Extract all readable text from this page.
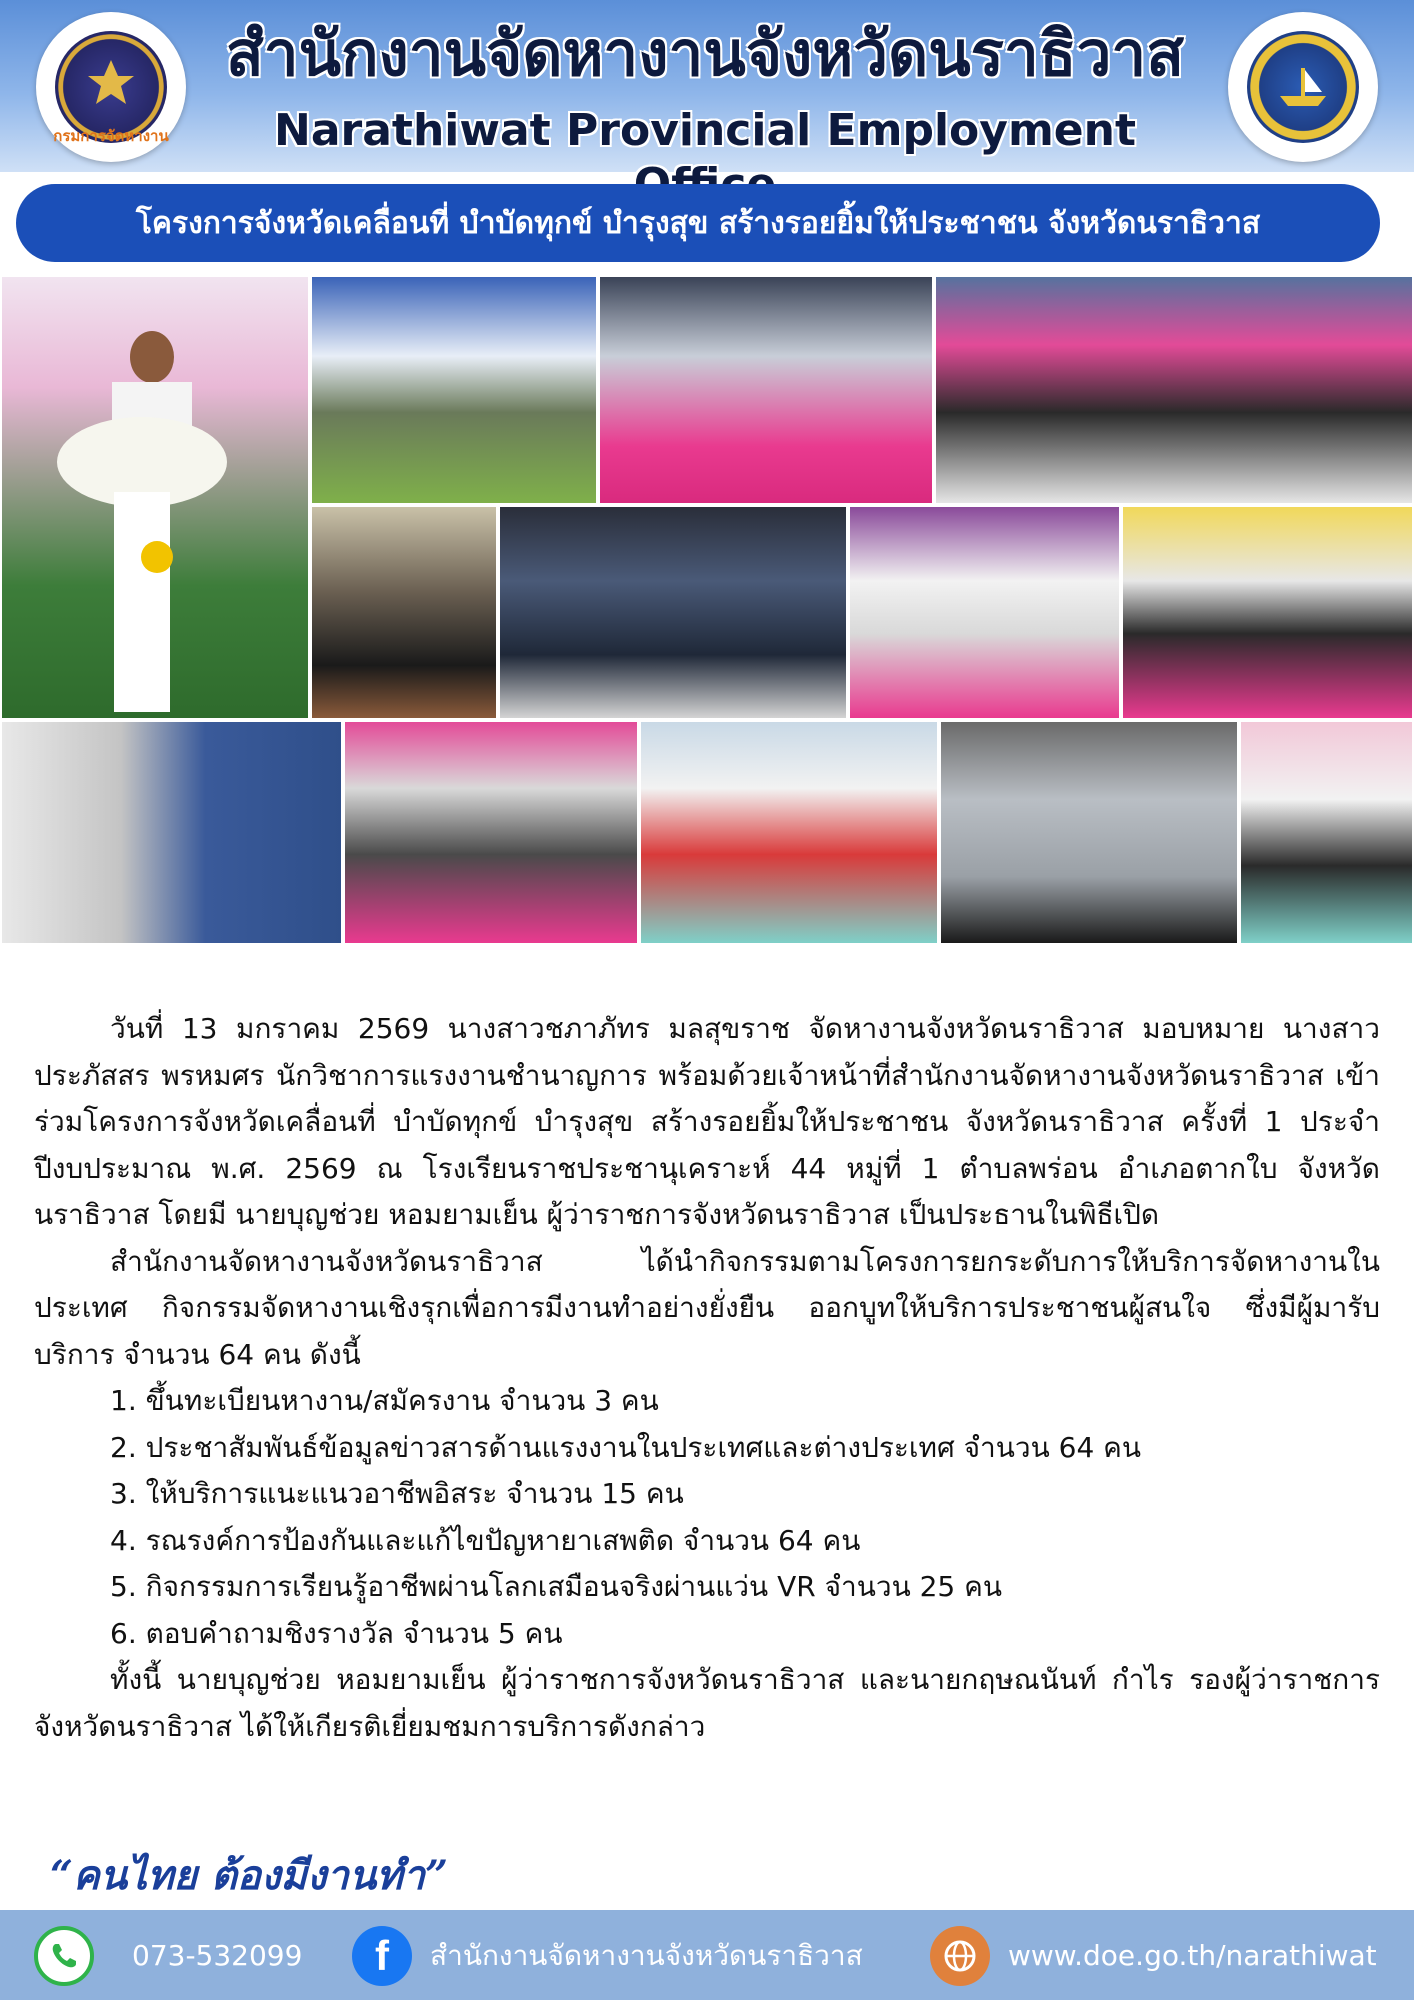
กรมการจัดหางาน
สำนักงานจัดหางานจังหวัดนราธิวาส
Narathiwat Provincial Employment
โครงการจังหวัดเคลื่อนที่ บำบัดทุกข์ บำรุงสุข สร้างรอยยิ้มให้ประชาชน จังหวัดนราธิวาส

วันที่ 13 มกราคม 2569 นางสาวชภาภัทร มลสุขราช จัดหางานจังหวัดนราธิวาส มอบหมาย นางสาวประภัสสร พรหมศร นักวิชาการแรงงานชำนาญการ พร้อมด้วยเจ้าหน้าที่สำนักงานจัดหางานจังหวัดนราธิวาส เข้าร่วมโครงการจังหวัดเคลื่อนที่ บำบัดทุกข์ บำรุงสุข สร้างรอยยิ้มให้ประชาชน จังหวัดนราธิวาส ครั้งที่ 1 ประจำปีงบประมาณ พ.ศ. 2569 ณ โรงเรียนราชประชานุเคราะห์ 44 หมู่ที่ 1 ตำบลพร่อน อำเภอตากใบ จังหวัดนราธิวาส โดยมี นายบุญช่วย หอมยามเย็น ผู้ว่าราชการจังหวัดนราธิวาส เป็นประธานในพิธีเปิด

สำนักงานจัดหางานจังหวัดนราธิวาส ได้นำกิจกรรมตามโครงการยกระดับการให้บริการจัดหางานในประเทศ กิจกรรมจัดหางานเชิงรุกเพื่อการมีงานทำอย่างยั่งยืน ออกบูทให้บริการประชาชนผู้สนใจ ซึ่งมีผู้มารับบริการ จำนวน 64 คน ดังนี้

1. ขึ้นทะเบียนหางาน/สมัครงาน จำนวน 3 คน

2. ประชาสัมพันธ์ข้อมูลข่าวสารด้านแรงงานในประเทศและต่างประเทศ จำนวน 64 คน

3. ให้บริการแนะแนวอาชีพอิสระ จำนวน 15 คน

4. รณรงค์การป้องกันและแก้ไขปัญหายาเสพติด จำนวน 64 คน

5. กิจกรรมการเรียนรู้อาชีพผ่านโลกเสมือนจริงผ่านแว่น VR จำนวน 25 คน

6. ตอบคำถามชิงรางวัล จำนวน 5 คน

ทั้งนี้ นายบุญช่วย หอมยามเย็น ผู้ว่าราชการจังหวัดนราธิวาส และนายกฤษณนันท์ กำไร รองผู้ว่าราชการจังหวัดนราธิวาส ได้ให้เกียรติเยี่ยมชมการบริการดังกล่าว

“คนไทย ต้องมีงานทำ”
073-532099	f	สำนักงานจัดหางานจังหวัดนราธิวาส	www.doe.go.th/narathiwat
